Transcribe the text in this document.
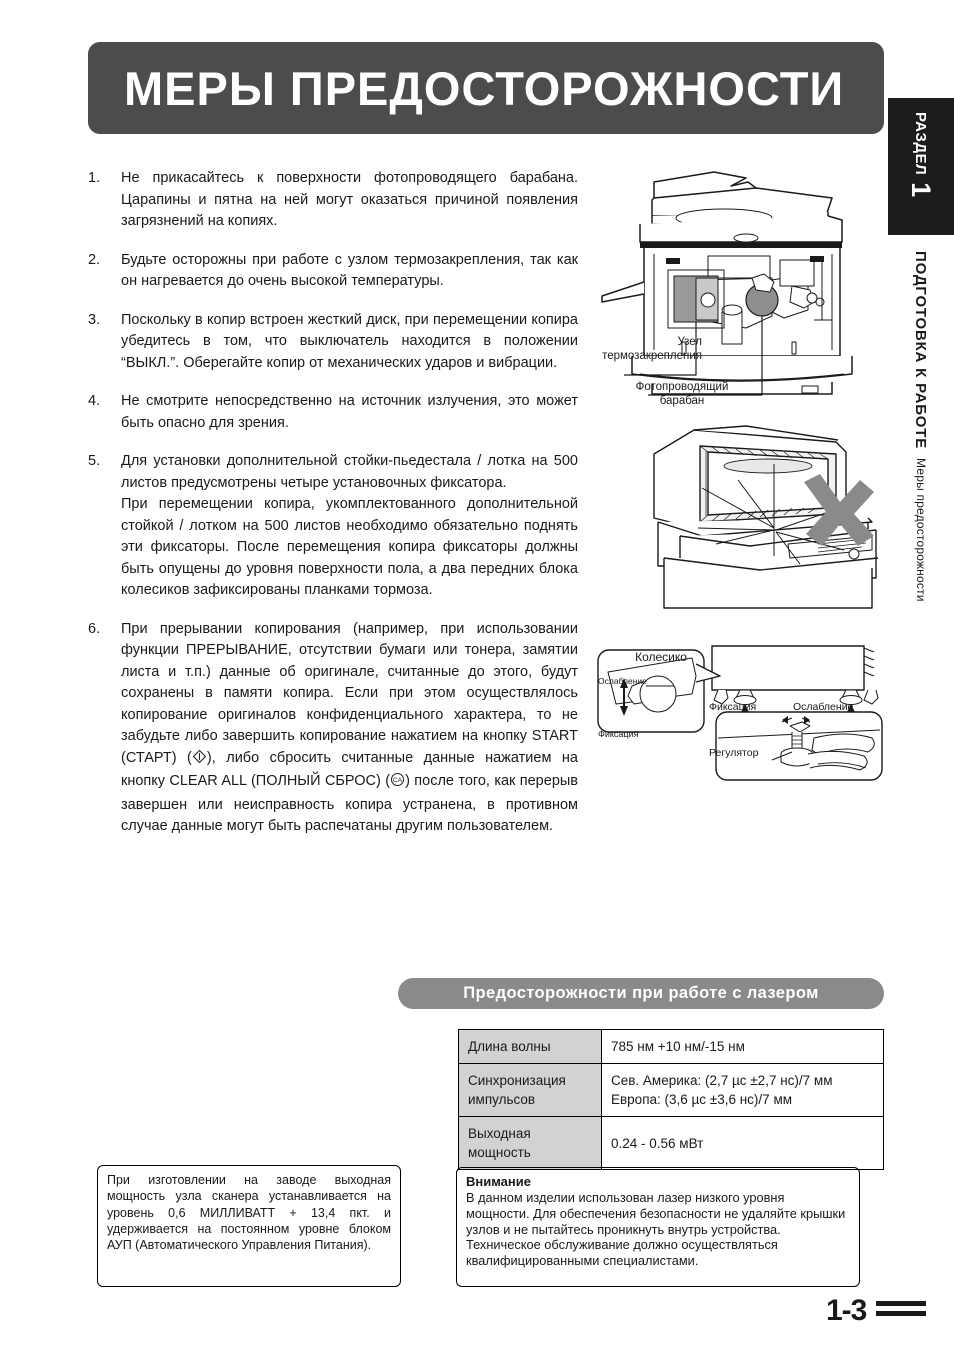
МЕРЫ ПРЕДОСТОРОЖНОСТИ
РАЗДЕЛ
1
ПОДГОТОВКА К РАБОТЕ
Меры предосторожности
1.	Не прикасайтесь к поверхности фотопроводящего барабана. Царапины и пятна на ней могут оказаться причиной появления загрязнений на копиях.

2.	Будьте осторожны при работе с узлом термозакрепления, так как он нагревается до очень высокой температуры.

3.	Поскольку в копир встроен жесткий диск, при перемещении копира убедитесь в том, что выключатель находится в положении “ВЫКЛ.”. Оберегайте копир от механических ударов и вибрации.

4.	Не смотрите непосредственно на источник излучения, это может быть опасно для зрения.

5.	Для установки дополнительной стойки-пьедестала / лотка на 500 листов предусмотрены четыре установочных фиксатора.

При перемещении копира, укомплектованного дополнительной стойкой / лотком на 500 листов необходимо обязательно поднять эти фиксаторы. После перемещения копира фиксаторы должны быть опущены до уровня поверхности пола, а два передних блока колесиков зафиксированы планками тормоза.

6.	При прерывании копирования (например, при использовании функции ПРЕРЫВАНИЕ, отсутствии бумаги или тонера, замятии листа и т.п.) данные об оригинале, считанные до этого, будут сохранены в памяти копира. Если при этом осуществлялось копирование оригиналов конфиденциального характера, то не забудьте либо завершить копирование нажатием на кнопку START (СТАРТ) ( ), либо сбросить считанные данные нажатием на кнопку CLEAR ALL (ПОЛНЫЙ СБРОС) ( CA ) после того, как перерыв завершен или неисправность копира устранена, в противном случае данные могут быть распечатаны другим пользователем.

Узел
термозакрепления
Фотопроводящий
барабан
Колесико
Ослабление
Фиксация
Фиксация	Ослабление
Регулятор
Предосторожности при работе с лазером
Длина волны	785 нм +10 нм/-15 нм

Синхронизация импульсов	Сев. Америка: (2,7 µс ±2,7 нс)/7 мм
Европа: (3,6 µс ±3,6 нс)/7 мм

Выходная мощность	0.24 - 0.56 мВт
При изготовлении на заводе выходная мощность узла сканера устанавливается на уровень 0,6 МИЛЛИВАТТ + 13,4 пкт. и удерживается на постоянном уровне блоком АУП (Автоматического Управления Питания).
Внимание
В данном изделии использован лазер низкого уровня мощности. Для обеспечения безопасности не удаляйте крышки узлов и не пытайтесь проникнуть внутрь устройства. Техническое обслуживание должно осуществляться квалифицированными специалистами.
1-3
